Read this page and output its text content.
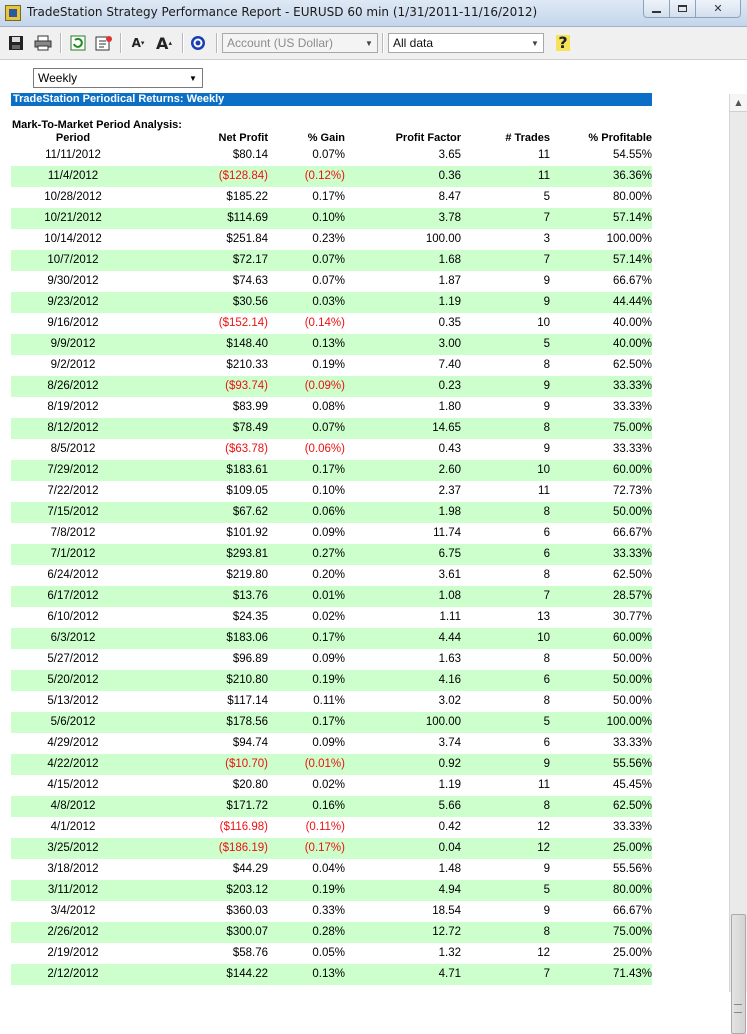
TradeStation Strategy Performance Report - EURUSD 60 min (1/31/2011-11/16/2012)	✕
A ▾ A ▴	Account (US Dollar)	▼	All data	▼ ?
Weekly	▼
TradeStation Periodical Returns: Weekly
Mark-To-Market Period Analysis:
Period	Net Profit	% Gain	Profit Factor	# Trades	% Profitable
11/11/2012	$80.14	0.07%	3.65	11	54.55%
11/4/2012	($128.84)	(0.12%)	0.36	11	36.36%
10/28/2012	$185.22	0.17%	8.47	5	80.00%
10/21/2012	$114.69	0.10%	3.78	7	57.14%
10/14/2012	$251.84	0.23%	100.00	3	100.00%
10/7/2012	$72.17	0.07%	1.68	7	57.14%
9/30/2012	$74.63	0.07%	1.87	9	66.67%
9/23/2012	$30.56	0.03%	1.19	9	44.44%
9/16/2012	($152.14)	(0.14%)	0.35	10	40.00%
9/9/2012	$148.40	0.13%	3.00	5	40.00%
9/2/2012	$210.33	0.19%	7.40	8	62.50%
8/26/2012	($93.74)	(0.09%)	0.23	9	33.33%
8/19/2012	$83.99	0.08%	1.80	9	33.33%
8/12/2012	$78.49	0.07%	14.65	8	75.00%
8/5/2012	($63.78)	(0.06%)	0.43	9	33.33%
7/29/2012	$183.61	0.17%	2.60	10	60.00%
7/22/2012	$109.05	0.10%	2.37	11	72.73%
7/15/2012	$67.62	0.06%	1.98	8	50.00%
7/8/2012	$101.92	0.09%	11.74	6	66.67%
7/1/2012	$293.81	0.27%	6.75	6	33.33%
6/24/2012	$219.80	0.20%	3.61	8	62.50%
6/17/2012	$13.76	0.01%	1.08	7	28.57%
6/10/2012	$24.35	0.02%	1.11	13	30.77%
6/3/2012	$183.06	0.17%	4.44	10	60.00%
5/27/2012	$96.89	0.09%	1.63	8	50.00%
5/20/2012	$210.80	0.19%	4.16	6	50.00%
5/13/2012	$117.14	0.11%	3.02	8	50.00%
5/6/2012	$178.56	0.17%	100.00	5	100.00%
4/29/2012	$94.74	0.09%	3.74	6	33.33%
4/22/2012	($10.70)	(0.01%)	0.92	9	55.56%
4/15/2012	$20.80	0.02%	1.19	11	45.45%
4/8/2012	$171.72	0.16%	5.66	8	62.50%
4/1/2012	($116.98)	(0.11%)	0.42	12	33.33%
3/25/2012	($186.19)	(0.17%)	0.04	12	25.00%
3/18/2012	$44.29	0.04%	1.48	9	55.56%
3/11/2012	$203.12	0.19%	4.94	5	80.00%
3/4/2012	$360.03	0.33%	18.54	9	66.67%
2/26/2012	$300.07	0.28%	12.72	8	75.00%
2/19/2012	$58.76	0.05%	1.32	12	25.00%
2/12/2012	$144.22	0.13%	4.71	7	71.43%
▲
